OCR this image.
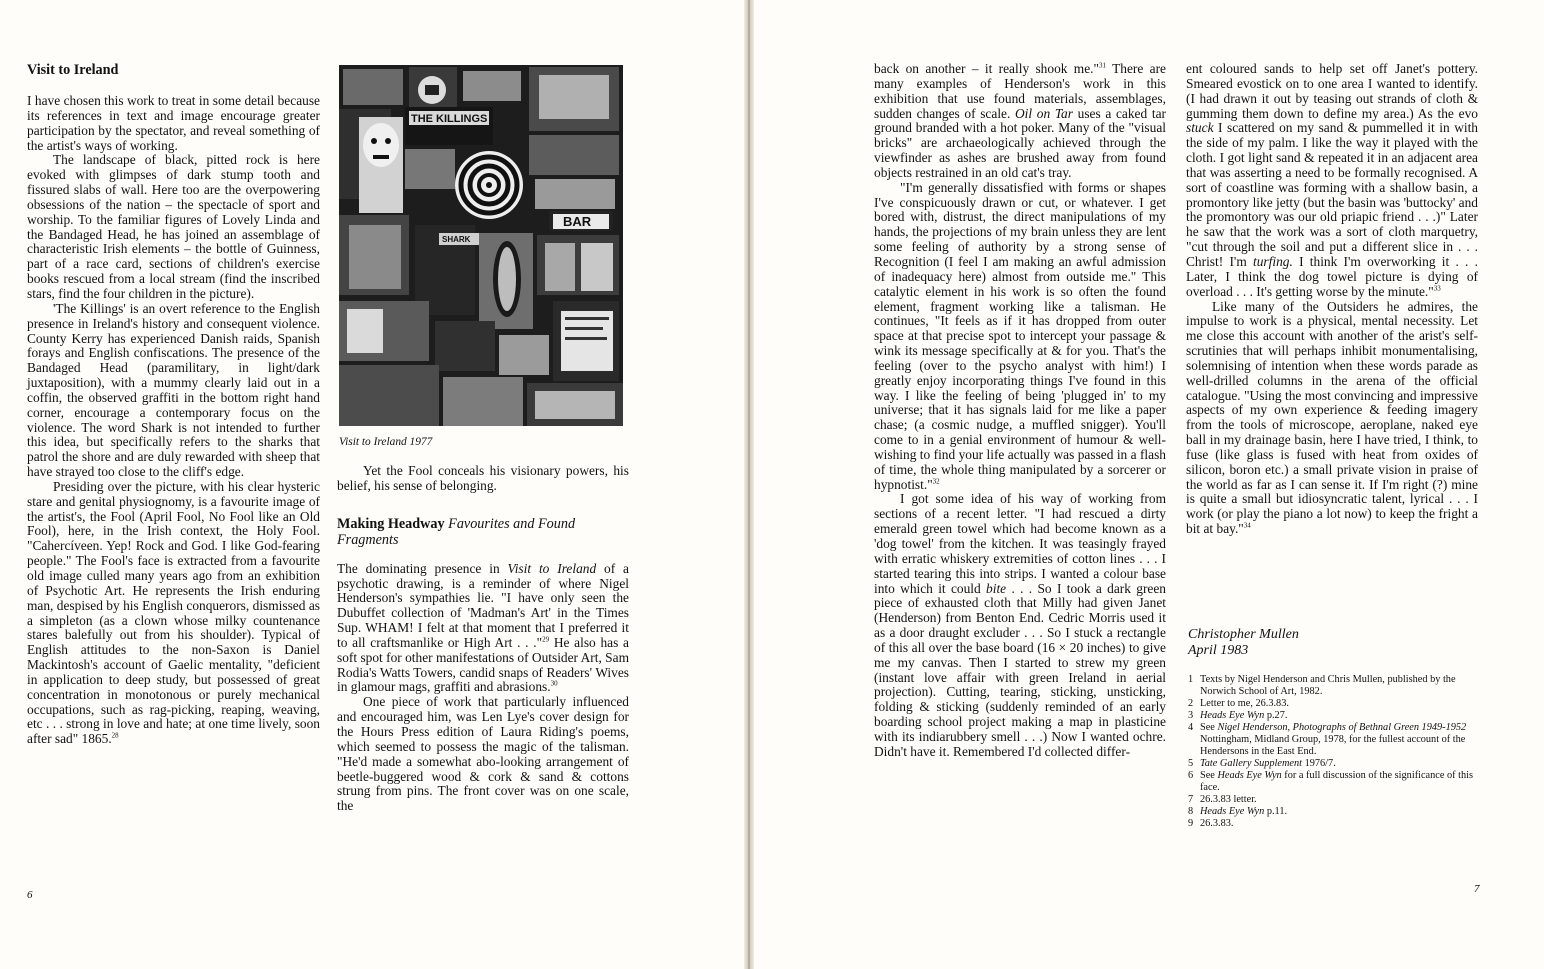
Visit to Ireland

I have chosen this work to treat in some detail because its references in text and image encourage greater participation by the spectator, and reveal something of the artist's ways of working.

The landscape of black, pitted rock is here evoked with glimpses of dark stump tooth and fissured slabs of wall. Here too are the overpowering obsessions of the nation – the spectacle of sport and worship. To the familiar figures of Lovely Linda and the Bandaged Head, he has joined an assemblage of characteristic Irish elements – the bottle of Guinness, part of a race card, sections of children's exercise books rescued from a local stream (find the inscribed stars, find the four children in the picture).

'The Killings' is an overt reference to the English presence in Ireland's history and consequent violence. County Kerry has experienced Danish raids, Spanish forays and English confiscations. The presence of the Bandaged Head (paramilitary, in light/dark juxtaposition), with a mummy clearly laid out in a coffin, the observed graffiti in the bottom right hand corner, encourage a contemporary focus on the violence. The word Shark is not intended to further this idea, but specifically refers to the sharks that patrol the shore and are duly rewarded with sheep that have strayed too close to the cliff's edge.

Presiding over the picture, with his clear hysteric stare and genital physiognomy, is a favourite image of the artist's, the Fool (April Fool, No Fool like an Old Fool), here, in the Irish context, the Holy Fool. "Cahercíveen. Yep! Rock and God. I like God-fearing people." The Fool's face is extracted from a favourite old image culled many years ago from an exhibition of Psychotic Art. He represents the Irish enduring man, despised by his English conquerors, dismissed as a simpleton (as a clown whose milky countenance stares balefully out from his shoulder). Typical of English attitudes to the non-Saxon is Daniel Mackintosh's account of Gaelic mentality, "deficient in application to deep study, but possessed of great concentration in monotonous or purely mechanical occupations, such as rag-picking, reaping, weaving, etc . . . strong in love and hate; at one time lively, soon after sad" 1865.28

THE KILLINGS
BAR
SHARK
Visit to Ireland 1977

Yet the Fool conceals his visionary powers, his belief, his sense of belonging.

Making Headway Favourites and Found Fragments

The dominating presence in Visit to Ireland of a psychotic drawing, is a reminder of where Nigel Henderson's sympathies lie. "I have only seen the Dubuffet collection of 'Madman's Art' in the Times Sup. WHAM! I felt at that moment that I preferred it to all craftsmanlike or High Art . . ."$^{29}$ He also has a soft spot for other manifestations of Outsider Art, Sam Rodia's Watts Towers, candid snaps of Readers' Wives in glamour mags, graffiti and abrasions.$^{30}$

One piece of work that particularly influenced and encouraged him, was Len Lye's cover design for the Hours Press edition of Laura Riding's poems, which seemed to possess the magic of the talisman. "He'd made a somewhat abo-looking arrangement of beetle-buggered wood & cork & sand & cottons strung from pins. The front cover was on one scale, the

6

back on another – it really shook me."$^{31}$ There are many examples of Henderson's work in this exhibition that use found materials, assemblages, sudden changes of scale. Oil on Tar uses a caked tar ground branded with a hot poker. Many of the "visual bricks" are archaeologically achieved through the viewfinder as ashes are brushed away from found objects restrained in an old cat's tray.

"I'm generally dissatisfied with forms or shapes I've conspicuously drawn or cut, or whatever. I get bored with, distrust, the direct manipulations of my hands, the projections of my brain unless they are lent some feeling of authority by a strong sense of Recognition (I feel I am making an awful admission of inadequacy here) almost from outside me." This catalytic element in his work is so often the found element, fragment working like a talisman. He continues, "It feels as if it has dropped from outer space at that precise spot to intercept your passage & wink its message specifically at & for you. That's the feeling (over to the psycho analyst with him!) I greatly enjoy incorporating things I've found in this way. I like the feeling of being 'plugged in' to my universe; that it has signals laid for me like a paper chase; (a cosmic nudge, a muffled snigger). You'll come to in a genial environment of humour & well-wishing to find your life actually was passed in a flash of time, the whole thing manipulated by a sorcerer or hypnotist."$^{32}$

I got some idea of his way of working from sections of a recent letter. "I had rescued a dirty emerald green towel which had become known as a 'dog towel' from the kitchen. It was teasingly frayed with erratic whiskery extremities of cotton lines . . . I started tearing this into strips. I wanted a colour base into which it could bite . . . So I took a dark green piece of exhausted cloth that Milly had given Janet (Henderson) from Benton End. Cedric Morris used it as a door draught excluder . . . So I stuck a rectangle of this all over the base board (16 × 20 inches) to give me my canvas. Then I started to strew my green (instant love affair with green Ireland in aerial projection). Cutting, tearing, sticking, unsticking, folding & sticking (suddenly reminded of an early boarding school project making a map in plasticine with its indiarubbery smell . . .) Now I wanted ochre. Didn't have it. Remembered I'd collected differ-

ent coloured sands to help set off Janet's pottery. Smeared evostick on to one area I wanted to identify. (I had drawn it out by teasing out strands of cloth & gumming them down to define my area.) As the evo stuck I scattered on my sand & pummelled it in with the side of my palm. I like the way it played with the cloth. I got light sand & repeated it in an adjacent area that was asserting a need to be formally recognised. A sort of coastline was forming with a shallow basin, a promontory like jetty (but the basin was 'buttocky' and the promontory was our old priapic friend . . .)" Later he saw that the work was a sort of cloth marquetry, "cut through the soil and put a different slice in . . . Christ! I'm turfing. I think I'm overworking it . . . Later, I think the dog towel picture is dying of overload . . . It's getting worse by the minute."$^{33}$

Like many of the Outsiders he admires, the impulse to work is a physical, mental necessity. Let me close this account with another of the arist's self-scrutinies that will perhaps inhibit monumentalising, solemnising of intention when these words parade as well-drilled columns in the arena of the official catalogue. "Using the most convincing and impressive aspects of my own experience & feeding imagery from the tools of microscope, aeroplane, naked eye ball in my drainage basin, here I have tried, I think, to fuse (like glass is fused with heat from oxides of silicon, boron etc.) a small private vision in praise of the world as far as I can sense it. If I'm right (?) mine is quite a small but idiosyncratic talent, lyrical . . . I work (or play the piano a lot now) to keep the fright a bit at bay."$^{34}$

Christopher Mullen
April 1983
1 Texts by Nigel Henderson and Chris Mullen, published by the Norwich School of Art, 1982.
2 Letter to me, 26.3.83.
3 Heads Eye Wyn p.27.
4 See Nigel Henderson, Photographs of Bethnal Green 1949-1952 Nottingham, Midland Group, 1978, for the fullest account of the Hendersons in the East End.
5 Tate Gallery Supplement 1976/7.
6 See Heads Eye Wyn for a full discussion of the significance of this face.
7 26.3.83 letter.
8 Heads Eye Wyn p.11.
9 26.3.83.
7
